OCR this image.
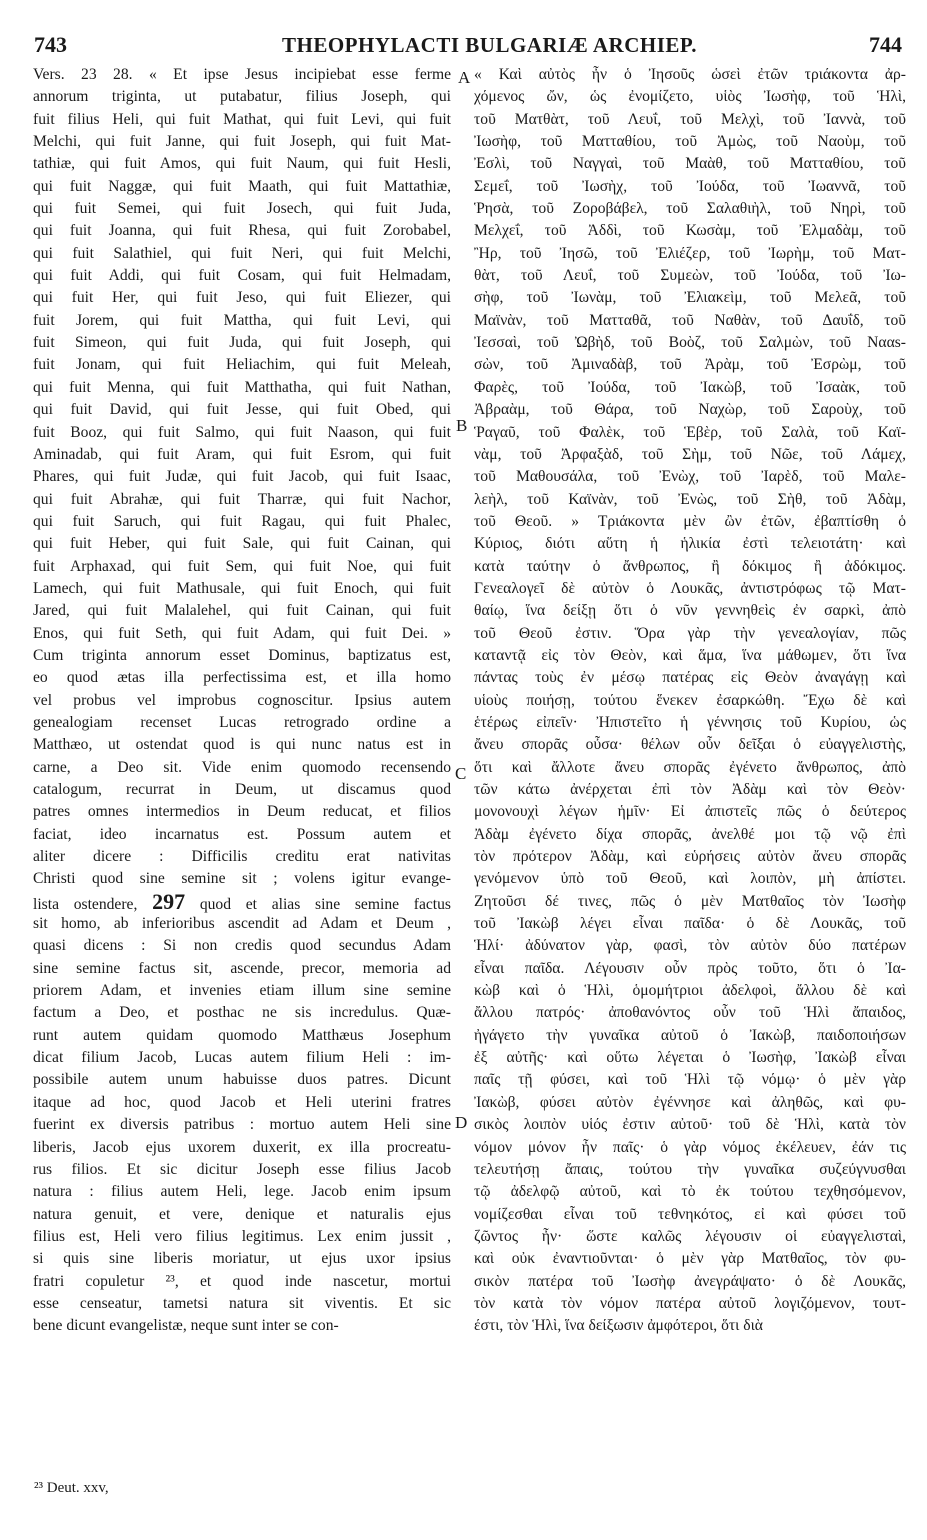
743	THEOPHYLACTI BULGARIÆ ARCHIEP.	744
Vers. 23 28. « Et ipse Jesus incipiebat esse ferme
annorum triginta, ut putabatur, filius Joseph, qui
fuit filius Heli, qui fuit Mathat, qui fuit Levi, qui fuit
Melchi, qui fuit Janne, qui fuit Joseph, qui fuit Mat-
tathiæ, qui fuit Amos, qui fuit Naum, qui fuit Hesli,
qui fuit Naggæ, qui fuit Maath, qui fuit Mattathiæ,
qui fuit Semei, qui fuit Josech, qui fuit Juda,
qui fuit Joanna, qui fuit Rhesa, qui fuit Zorobabel,
qui fuit Salathiel, qui fuit Neri, qui fuit Melchi,
qui fuit Addi, qui fuit Cosam, qui fuit Helmadam,
qui fuit Her, qui fuit Jeso, qui fuit Eliezer, qui
fuit Jorem, qui fuit Mattha, qui fuit Levi, qui
fuit Simeon, qui fuit Juda, qui fuit Joseph, qui
fuit Jonam, qui fuit Heliachim, qui fuit Meleah,
qui fuit Menna, qui fuit Matthatha, qui fuit Nathan,
qui fuit David, qui fuit Jesse, qui fuit Obed, qui
fuit Booz, qui fuit Salmo, qui fuit Naason, qui fuit
Aminadab, qui fuit Aram, qui fuit Esrom, qui fuit
Phares, qui fuit Judæ, qui fuit Jacob, qui fuit Isaac,
qui fuit Abrahæ, qui fuit Tharræ, qui fuit Nachor,
qui fuit Saruch, qui fuit Ragau, qui fuit Phalec,
qui fuit Heber, qui fuit Sale, qui fuit Cainan, qui
fuit Arphaxad, qui fuit Sem, qui fuit Noe, qui fuit
Lamech, qui fuit Mathusale, qui fuit Enoch, qui fuit
Jared, qui fuit Malalehel, qui fuit Cainan, qui fuit
Enos, qui fuit Seth, qui fuit Adam, qui fuit Dei. »
Cum triginta annorum esset Dominus, baptizatus est,
eo quod ætas illa perfectissima est, et illa homo
vel probus vel improbus cognoscitur. Ipsius autem
genealogiam recenset Lucas retrogrado ordine a
Matthæo, ut ostendat quod is qui nunc natus est in
carne, a Deo sit. Vide enim quomodo recensendo
catalogum, recurrat in Deum, ut discamus quod
patres omnes intermedios in Deum reducat, et filios
faciat, ideo incarnatus est. Possum autem et
aliter dicere : Difficilis creditu erat nativitas
Christi quod sine semine sit ; volens igitur evange-
lista ostendere, 297 quod et alias sine semine factus
sit homo, ab inferioribus ascendit ad Adam et Deum ,
quasi dicens : Si non credis quod secundus Adam
sine semine factus sit, ascende, precor, memoria ad
priorem Adam, et invenies etiam illum sine semine
factum a Deo, et posthac ne sis incredulus. Quæ-
runt autem quidam quomodo Matthæus Josephum
dicat filium Jacob, Lucas autem filium Heli : im-
possibile autem unum habuisse duos patres. Dicunt
itaque ad hoc, quod Jacob et Heli uterini fratres
fuerint ex diversis patribus : mortuo autem Heli sine
liberis, Jacob ejus uxorem duxerit, ex illa procreatu-
rus filios. Et sic dicitur Joseph esse filius Jacob
natura : filius autem Heli, lege. Jacob enim ipsum
natura genuit, et vere, denique et naturalis ejus
filius est, Heli vero filius legitimus. Lex enim jussit ,
si quis sine liberis moriatur, ut ejus uxor ipsius
fratri copuletur ²³, et quod inde nascetur, mortui
esse censeatur, tametsi natura sit viventis. Et sic
bene dicunt evangelistæ, neque sunt inter se con-
« Καὶ αὐτὸς ἦν ὁ Ἰησοῦς ὡσεὶ ἐτῶν τριάκοντα ἀρ-
χόμενος ὤν, ὡς ἐνομίζετο, υἱὸς Ἰωσὴφ, τοῦ Ἡλὶ,
τοῦ Ματθὰτ, τοῦ Λευΐ, τοῦ Μελχὶ, τοῦ Ἰαννὰ, τοῦ
Ἰωσὴφ, τοῦ Ματταθίου, τοῦ Ἀμὼς, τοῦ Ναοὺμ, τοῦ
Ἐσλὶ, τοῦ Ναγγαὶ, τοῦ Μαὰθ, τοῦ Ματταθίου, τοῦ
Σεμεΐ, τοῦ Ἰωσὴχ, τοῦ Ἰούδα, τοῦ Ἰωαννᾶ, τοῦ
Ῥησὰ, τοῦ Ζοροβάβελ, τοῦ Σαλαθιὴλ, τοῦ Νηρὶ, τοῦ
Μελχεΐ, τοῦ Ἀδδὶ, τοῦ Κωσὰμ, τοῦ Ἐλμαδὰμ, τοῦ
Ἢρ, τοῦ Ἰησῶ, τοῦ Ἐλιέζερ, τοῦ Ἰωρὴμ, τοῦ Ματ-
θὰτ, τοῦ Λευΐ, τοῦ Συμεὼν, τοῦ Ἰούδα, τοῦ Ἰω-
σὴφ, τοῦ Ἰωνὰμ, τοῦ Ἐλιακεὶμ, τοῦ Μελεᾶ, τοῦ
Μαϊνὰν, τοῦ Ματταθᾶ, τοῦ Ναθὰν, τοῦ Δαυΐδ, τοῦ
Ἰεσσαὶ, τοῦ Ὠβὴδ, τοῦ Βοὸζ, τοῦ Σαλμὼν, τοῦ Νααs-
σὼν, τοῦ Ἀμιναδὰβ, τοῦ Ἀρὰμ, τοῦ Ἐσρὼμ, τοῦ
Φαρὲς, τοῦ Ἰούδα, τοῦ Ἰακὼβ, τοῦ Ἰσαὰκ, τοῦ
Ἀβραὰμ, τοῦ Θάρα, τοῦ Ναχὼρ, τοῦ Σαροὺχ, τοῦ
Ῥαγαῦ, τοῦ Φαλὲκ, τοῦ Ἑβὲρ, τοῦ Σαλὰ, τοῦ Καϊ-
νὰμ, τοῦ Ἀρφαξὰδ, τοῦ Σὴμ, τοῦ Νῶε, τοῦ Λάμεχ,
τοῦ Μαθουσάλα, τοῦ Ἐνὼχ, τοῦ Ἰαρὲδ, τοῦ Μαλε-
λεὴλ, τοῦ Καϊνὰν, τοῦ Ἐνὼς, τοῦ Σὴθ, τοῦ Ἀδὰμ,
τοῦ Θεοῦ. » Τριάκοντα μὲν ὢν ἐτῶν, ἐβαπτίσθη ὁ
Κύριος, διότι αὕτη ἡ ἡλικία ἐστὶ τελειοτάτη· καὶ
κατὰ ταύτην ὁ ἄνθρωπος, ἢ δόκιμος ἢ ἀδόκιμος.
Γενεαλογεῖ δὲ αὐτὸν ὁ Λουκᾶς, ἀντιστρόφως τῷ Ματ-
θαίῳ, ἵνα δείξῃ ὅτι ὁ νῦν γεννηθεὶς ἐν σαρκὶ, ἀπὸ
τοῦ Θεοῦ ἐστιν. Ὅρα γὰρ τὴν γενεαλογίαν, πῶς
καταντᾷ εἰς τὸν Θεὸν, καὶ ἅμα, ἵνα μάθωμεν, ὅτι ἵνα
πάντας τοὺς ἐν μέσῳ πατέρας εἰς Θεὸν ἀναγάγῃ καὶ
υἱοὺς ποιήσῃ, τούτου ἕνεκεν ἐσαρκώθη. Ἔχω δὲ καὶ
ἑτέρως εἰπεῖν· Ἠπιστεῖτο ἡ γέννησις τοῦ Κυρίου, ὡς
ἄνευ σπορᾶς οὖσα· θέλων οὖν δεῖξαι ὁ εὐαγγελιστὴς,
ὅτι καὶ ἄλλοτε ἄνευ σπορᾶς ἐγένετο ἄνθρωπος, ἀπὸ
τῶν κάτω ἀνέρχεται ἐπὶ τὸν Ἀδὰμ καὶ τὸν Θεὸν·
μονονουχὶ λέγων ἡμῖν· Εἰ ἀπιστεῖς πῶς ὁ δεύτερος
Ἀδὰμ ἐγένετο δίχα σπορᾶς, ἀνελθέ μοι τῷ νῷ ἐπὶ
τὸν πρότερον Ἀδὰμ, καὶ εὑρήσεις αὐτὸν ἄνευ σπορᾶς
γενόμενον ὑπὸ τοῦ Θεοῦ, καὶ λοιπὸν, μὴ ἀπίστει.
Ζητοῦσι δέ τινες, πῶς ὁ μὲν Ματθαῖος τὸν Ἰωσὴφ
τοῦ Ἰακὼβ λέγει εἶναι παῖδα· ὁ δὲ Λουκᾶς, τοῦ
Ἡλί· ἀδύνατον γὰρ, φασὶ, τὸν αὐτὸν δύο πατέρων
εἶναι παῖδα. Λέγουσιν οὖν πρὸς τοῦτο, ὅτι ὁ Ἰα-
κὼβ καὶ ὁ Ἡλὶ, ὁμομήτριοι ἀδελφοὶ, ἄλλου δὲ καὶ
ἄλλου πατρός· ἀποθανόντος οὖν τοῦ Ἡλὶ ἄπαιδος,
ἠγάγετο τὴν γυναῖκα αὐτοῦ ὁ Ἰακὼβ, παιδοποιήσων
ἐξ αὐτῆς· καὶ οὕτω λέγεται ὁ Ἰωσὴφ, Ἰακὼβ εἶναι
παῖς τῇ φύσει, καὶ τοῦ Ἡλὶ τῷ νόμῳ· ὁ μὲν γὰρ
Ἰακὼβ, φύσει αὐτὸν ἐγέννησε καὶ ἀληθῶς, καὶ φυ-
σικὸς λοιπὸν υἱός ἐστιν αὐτοῦ· τοῦ δὲ Ἡλὶ, κατὰ τὸν
νόμον μόνον ἦν παῖς· ὁ γὰρ νόμος ἐκέλευεν, ἐάν τις
τελευτήσῃ ἄπαις, τούτου τὴν γυναῖκα συζεύγνυσθαι
τῷ ἀδελφῷ αὐτοῦ, καὶ τὸ ἐκ τούτου τεχθησόμενον,
νομίζεσθαι εἶναι τοῦ τεθνηκότος, εἰ καὶ φύσει τοῦ
ζῶντος ἦν· ὥστε καλῶς λέγουσιν οἱ εὐαγγελισταὶ,
καὶ οὐκ ἐναντιοῦνται· ὁ μὲν γὰρ Ματθαῖος, τὸν φυ-
σικὸν πατέρα τοῦ Ἰωσὴφ ἀνεγράψατο· ὁ δὲ Λουκᾶς,
τὸν κατὰ τὸν νόμον πατέρα αὐτοῦ λογιζόμενον, τουτ-
έστι, τὸν Ἡλὶ, ἵνα δείξωσιν ἀμφότεροι, ὅτι διὰ
A
B
C
D
²³ Deut. xxv,
